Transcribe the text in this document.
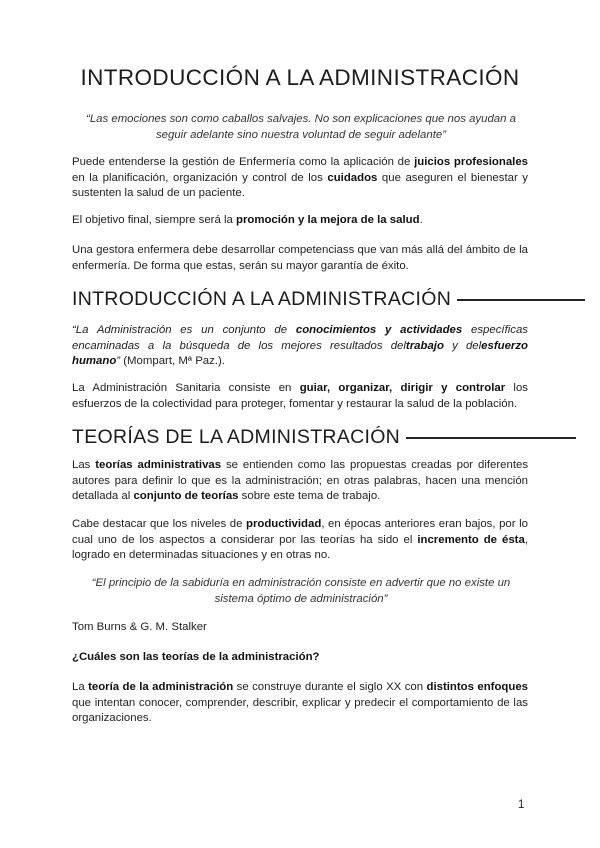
INTRODUCCIÓN A LA ADMINISTRACIÓN
“Las emociones son como caballos salvajes. No son explicaciones que nos ayudan a seguir adelante sino nuestra voluntad de seguir adelante”

Puede entenderse la gestión de Enfermería como la aplicación de juicios profesionales en la planificación, organización y control de los cuidados que aseguren el bienestar y sustenten la salud de un paciente.

El objetivo final, siempre será la promoción y la mejora de la salud.

Una gestora enfermera debe desarrollar competenciass que van más allá del ámbito de la enfermería. De forma que estas, serán su mayor garantía de éxito.

INTRODUCCIÓN A LA ADMINISTRACIÓN

“La Administración es un conjunto de conocimientos y actividades específicas encaminadas a la búsqueda de los mejores resultados deltrabajo y delesfuerzo humano” (Mompart, Mª Paz.).

La Administración Sanitaria consiste en guiar, organizar, dirigir y controlar los esfuerzos de la colectividad para proteger, fomentar y restaurar la salud de la población.

TEORÍAS DE LA ADMINISTRACIÓN

Las teorías administrativas se entienden como las propuestas creadas por diferentes autores para definir lo que es la administración; en otras palabras, hacen una mención detallada al conjunto de teorías sobre este tema de trabajo.

Cabe destacar que los niveles de productividad, en épocas anteriores eran bajos, por lo cual uno de los aspectos a considerar por las teorías ha sido el incremento de ésta, logrado en determinadas situaciones y en otras no.

“El principio de la sabiduría en administración consiste en advertir que no existe un sistema óptimo de administración”

Tom Burns & G. M. Stalker

¿Cuáles son las teorías de la administración?

La teoría de la administración se construye durante el siglo XX con distintos enfoques que intentan conocer, comprender, describir, explicar y predecir el comportamiento de las organizaciones.

1
